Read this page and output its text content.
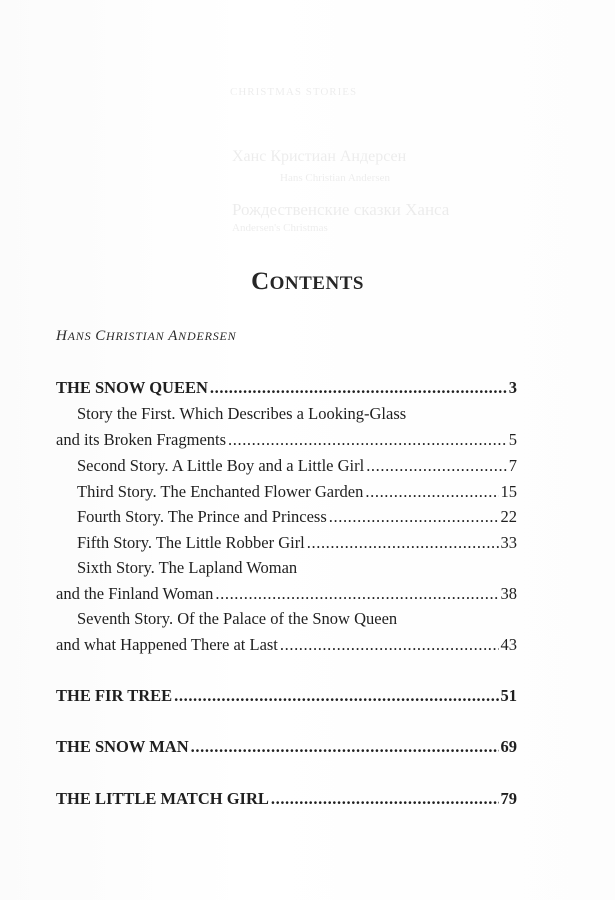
CHRISTMAS STORIES
Ханс Кристиан Андерсен
Hans Christian Andersen
Рождественские сказки Ханса
Andersen's Christmas
CONTENTS
HANS CHRISTIAN ANDERSEN
THE SNOW QUEEN .....	3
Story the First. Which Describes a Looking-Glass
and its Broken Fragments .....	5
Second Story. A Little Boy and a Little Girl .....	7
Third Story. The Enchanted Flower Garden .....	15
Fourth Story. The Prince and Princess .....	22
Fifth Story. The Little Robber Girl .....	33
Sixth Story. The Lapland Woman
and the Finland Woman .....	38
Seventh Story. Of the Palace of the Snow Queen
and what Happened There at Last .....	43
THE FIR TREE .....	51
THE SNOW MAN .....	69
THE LITTLE MATCH GIRL .....	79
